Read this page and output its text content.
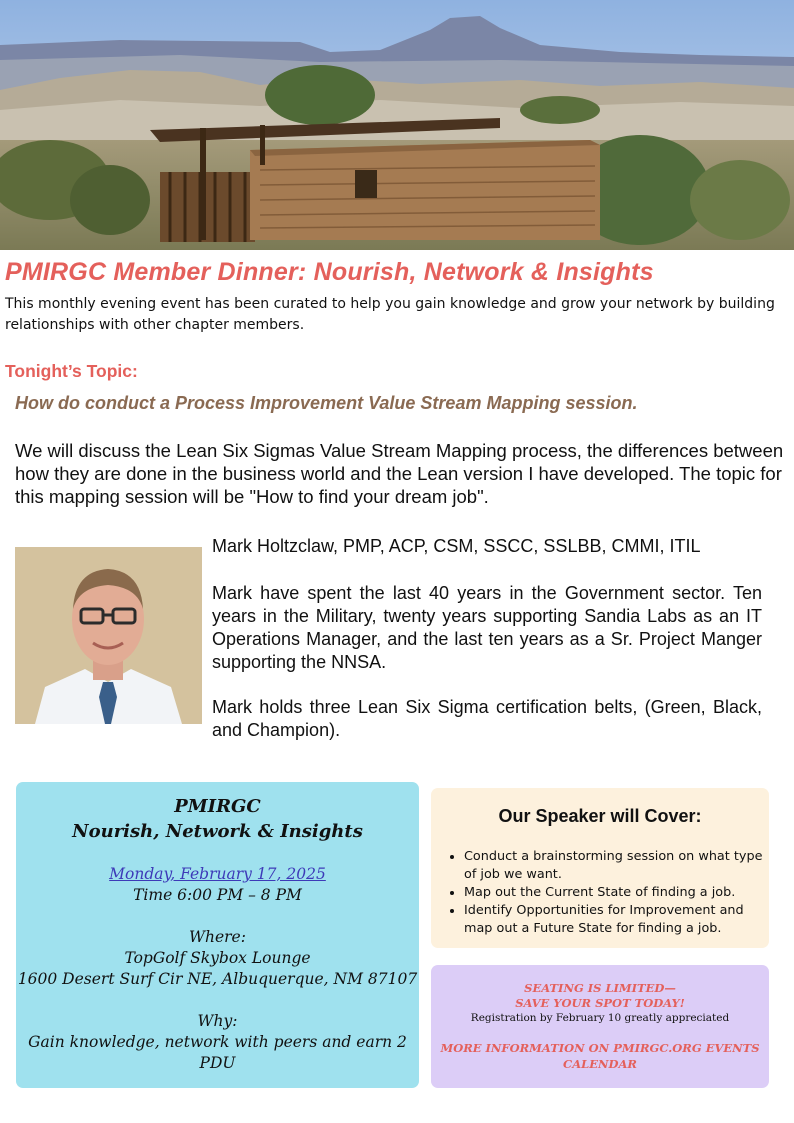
PMIRGC Member Dinner: Nourish, Network & Insights

This monthly evening event has been curated to help you gain knowledge and grow your network by building relationships with other chapter members.

Tonight’s Topic:

How do conduct a Process Improvement Value Stream Mapping session.

We will discuss the Lean Six Sigmas Value Stream Mapping process, the differences between how they are done in the business world and the Lean version I have developed. The topic for this mapping session will be "How to find your dream job".

Mark Holtzclaw, PMP, ACP, CSM, SSCC, SSLBB, CMMI, ITIL

Mark have spent the last 40 years in the Government sector. Ten years in the Military, twenty years supporting Sandia Labs as an IT Operations Manager, and the last ten years as a Sr. Project Manger supporting the NNSA.

Mark holds three Lean Six Sigma certification belts, (Green, Black, and Champion).

PMIRGC

Nourish, Network & Insights

Monday, February 17, 2025

Time 6:00 PM – 8 PM

Where:

TopGolf Skybox Lounge

1600 Desert Surf Cir NE, Albuquerque, NM 87107

Why:

Gain knowledge, network with peers and earn 2

PDU

Our Speaker will Cover:

• Conduct a brainstorming session on what type of job we want.
• Map out the Current State of finding a job.
• Identify Opportunities for Improvement and map out a Future State for finding a job.

SEATING IS LIMITED—

SAVE YOUR SPOT TODAY!

Registration by February 10 greatly appreciated

MORE INFORMATION ON PMIRGC.ORG EVENTS

CALENDAR
